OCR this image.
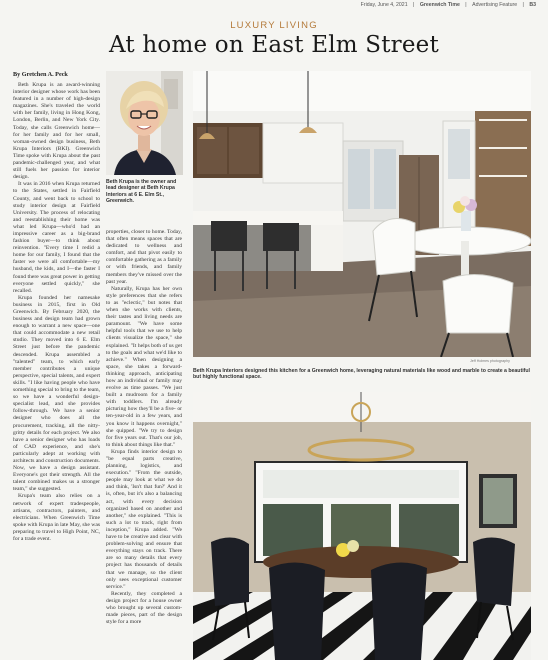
Friday, June 4, 2021 | Greenwich Time | Advertising Feature | B3
LUXURY LIVING
At home on East Elm Street
By Gretchen A. Peck

Beth Krupa is an award-winning interior designer whose work has been featured in a number of high-design magazines. She's traveled the world with her family, living in Hong Kong, London, Berlin, and New York City. Today, she calls Greenwich home—for her family and for her small, woman-owned design business, Beth Krupa Interiors (BKI). Greenwich Time spoke with Krupa about the past pandemic-challenged year, and what still fuels her passion for interior design.

It was in 2016 when Krupa returned to the States, settled in Fairfield County, and went back to school to study interior design at Fairfield University. The process of relocating and reestablishing their home was what led Krupa—who'd had an impressive career as a big-brand fashion buyer—to think about reinvention. "Every time I redid a home for our family, I found that the faster we were all comfortable—my husband, the kids, and I—the faster I found there was great power in getting everyone settled quickly," she recalled.

Krupa founded her namesake business in 2015, first in Old Greenwich. By February 2020, the business and design team had grown enough to warrant a new space—one that could accommodate a new retail studio. They moved into 6 E. Elm Street just before the pandemic descended. Krupa assembled a "talented" team, to which early member contributes a unique perspective, special talents, and expert skills. "I like having people who have something special to bring to the team, so we have a wonderful design-specialist lead, and she provides follow-through. We have a senior designer who does all the procurement, tracking, all the nitty-gritty details for each project. We also have a senior designer who has loads of CAD experience, and she's particularly adept at working with architects and construction documents. Now, we have a design assistant. Everyone's got their strength. All the talent combined makes us a stronger team," she suggested.

Krupa's team also relies on a network of expert tradespeople, artisans, contractors, painters, and electricians. When Greenwich Time spoke with Krupa in late May, she was preparing to travel to High Point, NC, for a trade event.

Beth Krupa is the owner and lead designer at Beth Krupa Interiors at 6 E. Elm St., Greenwich.

properties, closer to home. Today, that often means spaces that are dedicated to wellness and comfort, and that pivot easily to comfortable gathering as a family or with friends, and family members they've missed over the past year.

Naturally, Krupa has her own style preferences that she refers to as "eclectic," but notes that when she works with clients, their tastes and living needs are paramount. "We have some helpful tools that we use to help clients visualize the space," she explained. "It helps both of us get to the goals and what we'd like to achieve." When designing a space, she takes a forward-thinking approach, anticipating how an individual or family may evolve as time passes. "We just built a mudroom for a family with toddlers. I'm already picturing how they'll be a five- or ten-year-old in a few years, and you know it happens overnight," she quipped. "We try to design for five years out. That's our job, to think about things like that."

Krupa finds interior design to "be equal parts creative, planning, logistics, and execution." "From the outside, people may look at what we do and think, 'Isn't that fun?' And it is, often, but it's also a balancing act, with every decision organized based on another and another," she explained. "This is such a lot to track, right from inception," Krupa added. "We have to be creative and clear with problem-solving and ensure that everything stays on track. There are so many details that every project has thousands of details that we manage, so the client only sees exceptional customer service."

Recently, they completed a design project for a house owner who brought up several custom-made pieces, part of the design style for a more

Jeff Holmes photography
Beth Krupa Interiors designed this kitchen for a Greenwich home, leveraging natural materials like wood and marble to create a beautiful but highly functional space.
